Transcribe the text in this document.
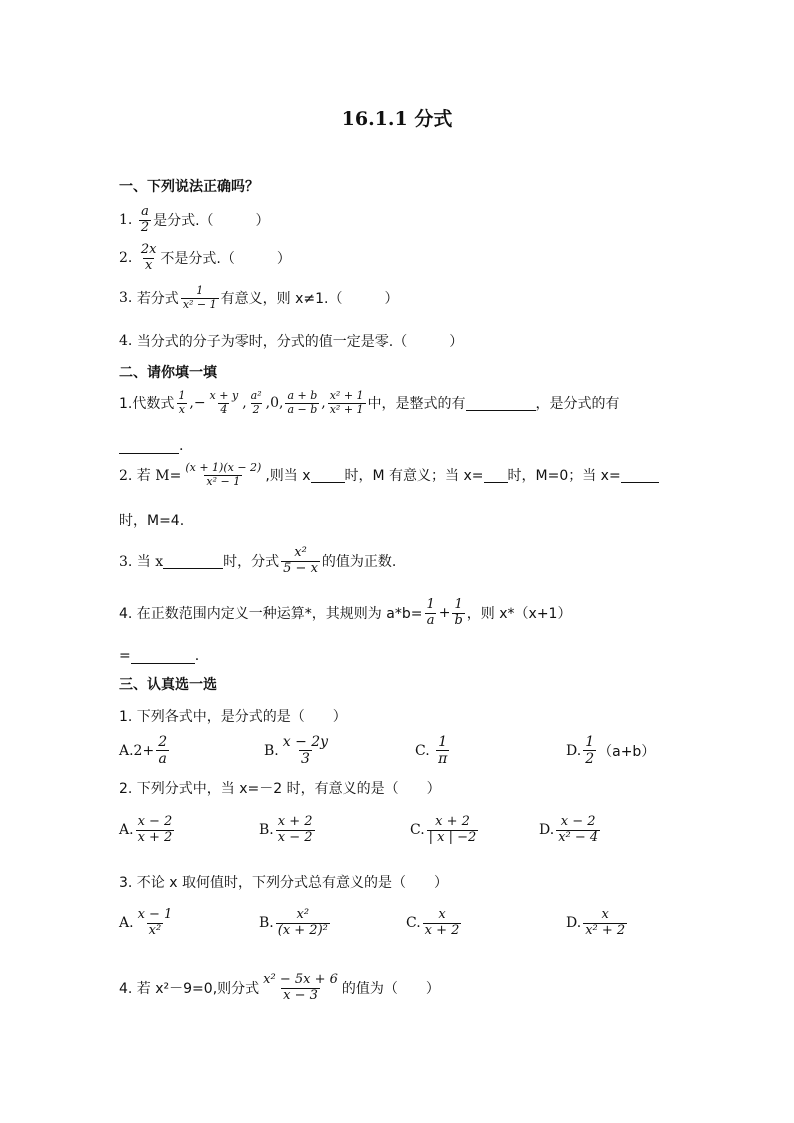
16.1.1 分式
一、下列说法正确吗？
1.
$\frac{a}{2}$ 是分式.（　　　）
2.
$\frac{2x}{x}$ 不是分式.（　　　）
3.
若分式 $\frac{1}{\text{x² − 1}}$ 有意义，则 x≠1.（　　　）
4.
当分式的分子为零时，分式的值一定是零.（　　　）
二、请你填一填
1.代数式 $\frac{1}{x}$ , − $\frac{x + y}{4}$ , $\frac{\text{a²}}{2}$ , 0 , $\frac{a + b}{a - b}$ , $\frac{\text{x² + 1}}{\text{x² + 1}}$ 中，是整式的有	，是分式的有
.
2. 若 $M= \frac{(x + 1)(x - 2)}{\text{x² − 1}}$ ,则当 x 时，M 有意义；当 x= 时，M=0；当 x=
时，M=4.
3. 当 x	时，分式 $\frac{\text{x²}}{5 - x}$ 的值为正数.
4. 在正数范围内定义一种运算*，其规则为 $a*b= \frac{1}{a} + \frac{1}{b}$ ，则 x*（x+1）
=	.
三、认真选一选
1. 下列各式中，是分式的是（　　）
$A.2+ \frac{2}{a}$	B. $\frac{x - 2y}{3}$	C.
$\frac{1}{\pi}$	D. $\frac{1}{2} (a+b)$
2. 下列分式中，当 x=－2 时，有意义的是（　　）
A. $\frac{x - 2}{x + 2}$	B. $\frac{x + 2}{x - 2}$	C. $\frac{x + 2}{| x | -2}$	D. $\frac{x - 2}{\text{x² − 4}}$
3. 不论 x 取何值时，下列分式总有意义的是（　　）
A. $\frac{x - 1}{\text{x²}}$	B. $\frac{\text{x²}}{\text{(x + 2)²}}$	C. $\frac{x}{x + 2}$	D. $\frac{x}{\text{x² + 2}}$
4. 若 x²－9=0,则分式 $\frac{\text{x² − 5x + 6}}{x - 3}$ 的值为（　　）
